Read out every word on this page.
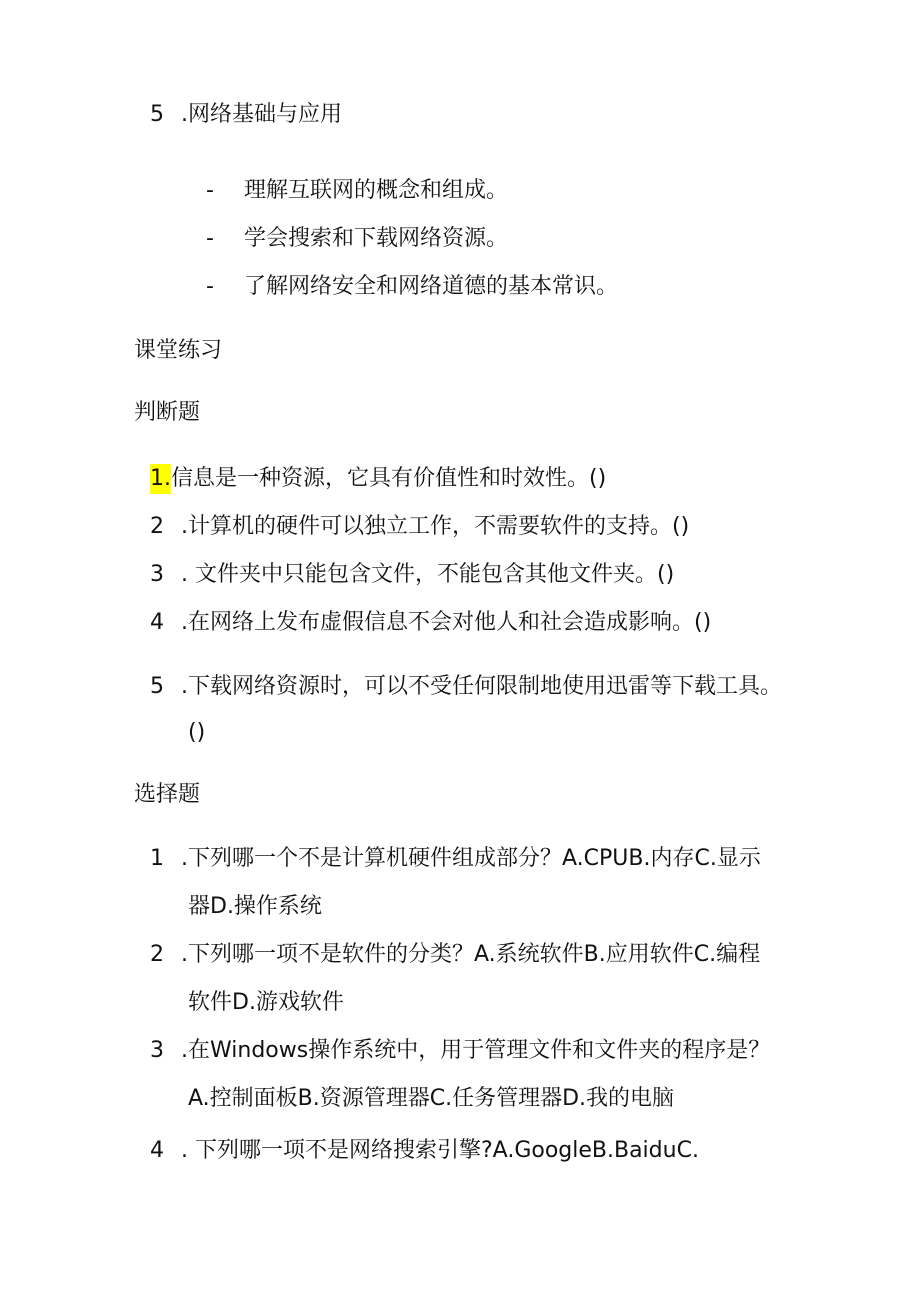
5 .网络基础与应用
- 理解互联网的概念和组成。
- 学会搜索和下载网络资源。
- 了解网络安全和网络道德的基本常识。
课堂练习
判断题
1.信息是一种资源，它具有价值性和时效性。()
2 .计算机的硬件可以独立工作，不需要软件的支持。()
3 . 文件夹中只能包含文件，不能包含其他文件夹。()
4 .在网络上发布虚假信息不会对他人和社会造成影响。()
5 .下载网络资源时，可以不受任何限制地使用迅雷等下载工具。
()
选择题
1 .下列哪一个不是计算机硬件组成部分？A.CPUB.内存C.显示
器D.操作系统
2 .下列哪一项不是软件的分类？A.系统软件B.应用软件C.编程
软件D.游戏软件
3 .在Windows操作系统中，用于管理文件和文件夹的程序是？
A.控制面板B.资源管理器C.任务管理器D.我的电脑
4 . 下列哪一项不是网络搜索引擎?A.GoogleB.BaiduC.
